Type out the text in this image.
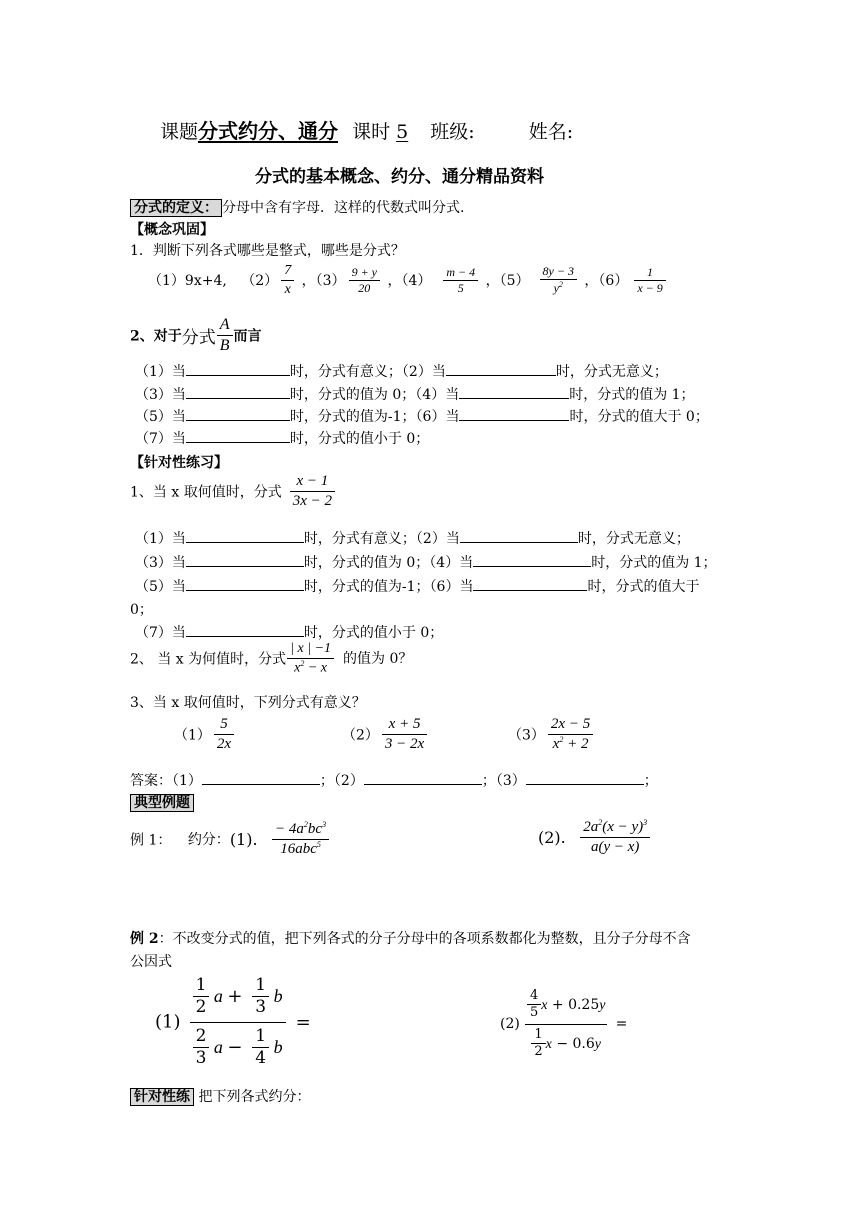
课题分式约分、通分 课时 5 班级:	姓名:
分式的基本概念、约分、通分精品资料
分式的定义： 分母中含有字母．这样的代数式叫分式.
【概念巩固】
1．判断下列各式哪些是整式，哪些是分式？
（1）9x+4, $(2) \frac{7}{x}$ ，$(3) \frac{9 + y}{20}$ ，$(4) \frac{m - 4}{5}$ ，$(5) \frac{8y - 3}{y^2}$ ，$(6) \frac{1}{x - 9}$
2、对于分式 $\frac{A}{B}$ 而言
（1）当	时，分式有意义；（2）当	时，分式无意义；
（3）当	时，分式的值为 0；（4）当	时，分式的值为 1；
（5）当	时，分式的值为-1；（6）当	时，分式的值大于 0；
（7）当	时，分式的值小于 0；
【针对性练习】
1、当 x 取何值时，分式 $\frac{x - 1}{3x - 2}$
（1）当	时，分式有意义；（2）当	时，分式无意义；
（3）当	时，分式的值为 0；（4）当	时，分式的值为 1；
（5）当	时，分式的值为-1；（6）当	时，分式的值大于
0；
（7）当	时，分式的值小于 0；
2、 当 x 为何值时，分式 $\frac{| x | -1}{x^2 - x}$ 的值为 0？
3、当 x 取何值时，下列分式有意义？
$(1) \frac{5}{2x}$	$(2) \frac{x + 5}{3 - 2x}$	$(3) \frac{2x - 5}{x^2 + 2}$
答案：（1）	；（2）	；（3）	；
典型例题
例 1： 约分：(1). $\frac{- 4a^2bc^3}{16abc^5}$	(2). $\frac{2a^2(x - y)^3}{a(y - x)}$
例 2：不改变分式的值，把下列各式的分子分母中的各项系数都化为整数，且分子分母不含
公因式
$(1) \frac{\frac{1}{2} a + \frac{1}{3} b}{\frac{2}{3} a - \frac{1}{4} b}$ =	$(2) \frac{\frac{4}{5} x + 0.25y}{\frac{1}{2} x - 0.6y}$ =
针对性练 把下列各式约分：
